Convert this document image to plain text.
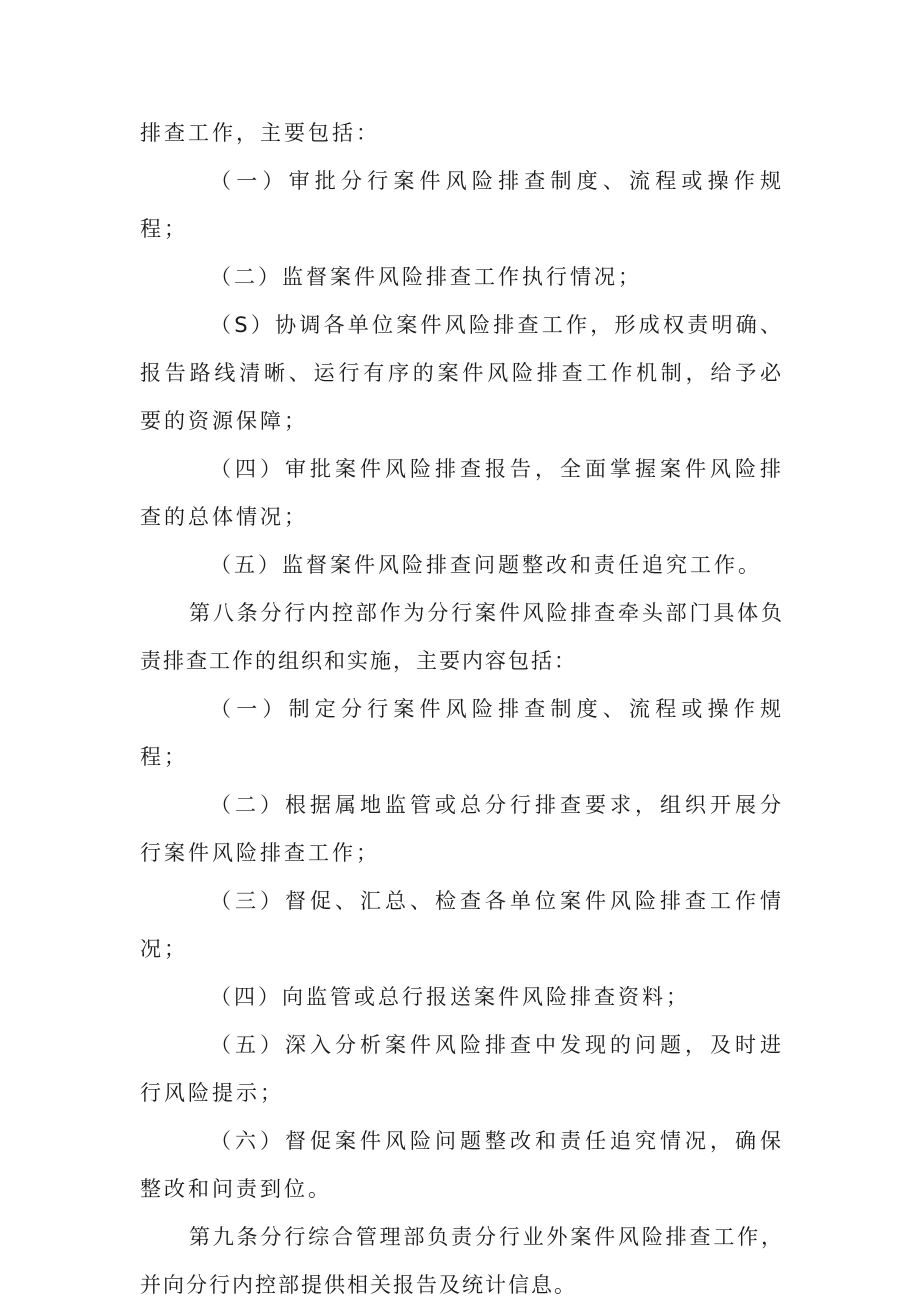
排查工作，主要包括：

（一）审批分行案件风险排查制度、流程或操作规程；

（二）监督案件风险排查工作执行情况；

（S）协调各单位案件风险排查工作，形成权责明确、报告路线清晰、运行有序的案件风险排查工作机制，给予必要的资源保障；

（四）审批案件风险排查报告，全面掌握案件风险排查的总体情况；

（五）监督案件风险排查问题整改和责任追究工作。

第八条分行内控部作为分行案件风险排查牵头部门具体负责排查工作的组织和实施，主要内容包括：

（一）制定分行案件风险排查制度、流程或操作规程；

（二）根据属地监管或总分行排查要求，组织开展分行案件风险排查工作；

（三）督促、汇总、检查各单位案件风险排查工作情况；

（四）向监管或总行报送案件风险排查资料；

（五）深入分析案件风险排查中发现的问题，及时进行风险提示；

（六）督促案件风险问题整改和责任追究情况，确保整改和问责到位。

第九条分行综合管理部负责分行业外案件风险排查工作，并向分行内控部提供相关报告及统计信息。
